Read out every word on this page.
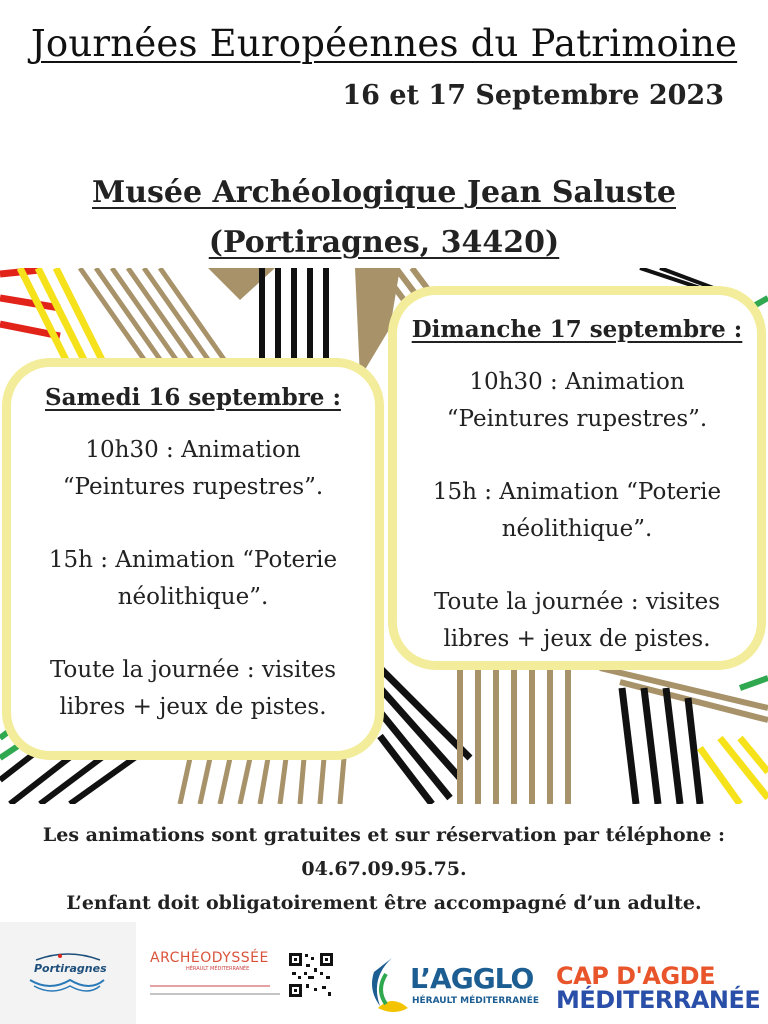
Journées Européennes du Patrimoine
16 et 17 Septembre 2023
Musée Archéologique Jean Saluste
(Portiragnes, 34420)
Samedi 16 septembre :

10h30 : Animation
“Peintures rupestres”.

15h : Animation “Poterie
néolithique”.

Toute la journée : visites
libres + jeux de pistes.

Dimanche 17 septembre :

10h30 : Animation
“Peintures rupestres”.

15h : Animation “Poterie
néolithique”.

Toute la journée : visites
libres + jeux de pistes.

Les animations sont gratuites et sur réservation par téléphone :
04.67.09.95.75.
L’enfant doit obligatoirement être accompagné d’un adulte.
Portiragnes
ARCHÉODYSSÉE
HÉRAULT MÉDITERRANÉE	L’AGGLO
HÉRAULT MÉDITERRANÉE
CAP D'AGDE
MÉDITERRANÉE
